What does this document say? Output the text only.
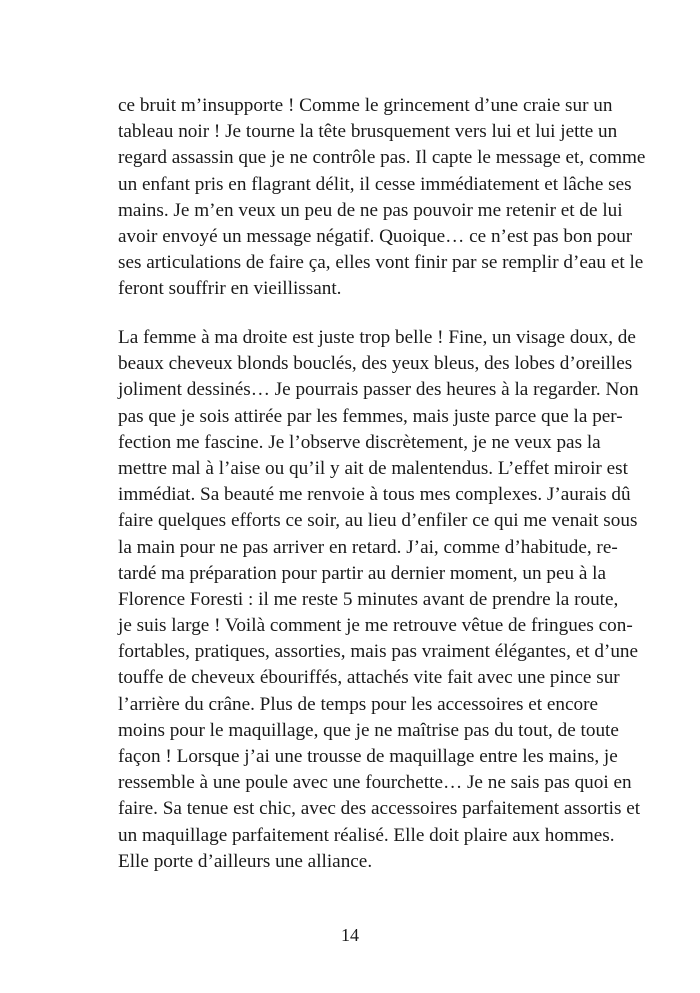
ce bruit m’insupporte ! Comme le grincement d’une craie sur un
tableau noir ! Je tourne la tête brusquement vers lui et lui jette un
regard assassin que je ne contrôle pas. Il capte le message et, comme
un enfant pris en flagrant délit, il cesse immédiatement et lâche ses
mains. Je m’en veux un peu de ne pas pouvoir me retenir et de lui
avoir envoyé un message négatif. Quoique… ce n’est pas bon pour
ses articulations de faire ça, elles vont finir par se remplir d’eau et le
feront souffrir en vieillissant.

La femme à ma droite est juste trop belle ! Fine, un visage doux, de
beaux cheveux blonds bouclés, des yeux bleus, des lobes d’oreilles
joliment dessinés… Je pourrais passer des heures à la regarder. Non
pas que je sois attirée par les femmes, mais juste parce que la per-
fection me fascine. Je l’observe discrètement, je ne veux pas la
mettre mal à l’aise ou qu’il y ait de malentendus. L’effet miroir est
immédiat. Sa beauté me renvoie à tous mes complexes. J’aurais dû
faire quelques efforts ce soir, au lieu d’enfiler ce qui me venait sous
la main pour ne pas arriver en retard. J’ai, comme d’habitude, re-
tardé ma préparation pour partir au dernier moment, un peu à la
Florence Foresti : il me reste 5 minutes avant de prendre la route,
je suis large ! Voilà comment je me retrouve vêtue de fringues con-
fortables, pratiques, assorties, mais pas vraiment élégantes, et d’une
touffe de cheveux ébouriffés, attachés vite fait avec une pince sur
l’arrière du crâne. Plus de temps pour les accessoires et encore
moins pour le maquillage, que je ne maîtrise pas du tout, de toute
façon ! Lorsque j’ai une trousse de maquillage entre les mains, je
ressemble à une poule avec une fourchette… Je ne sais pas quoi en
faire. Sa tenue est chic, avec des accessoires parfaitement assortis et
un maquillage parfaitement réalisé. Elle doit plaire aux hommes.
Elle porte d’ailleurs une alliance.

14
